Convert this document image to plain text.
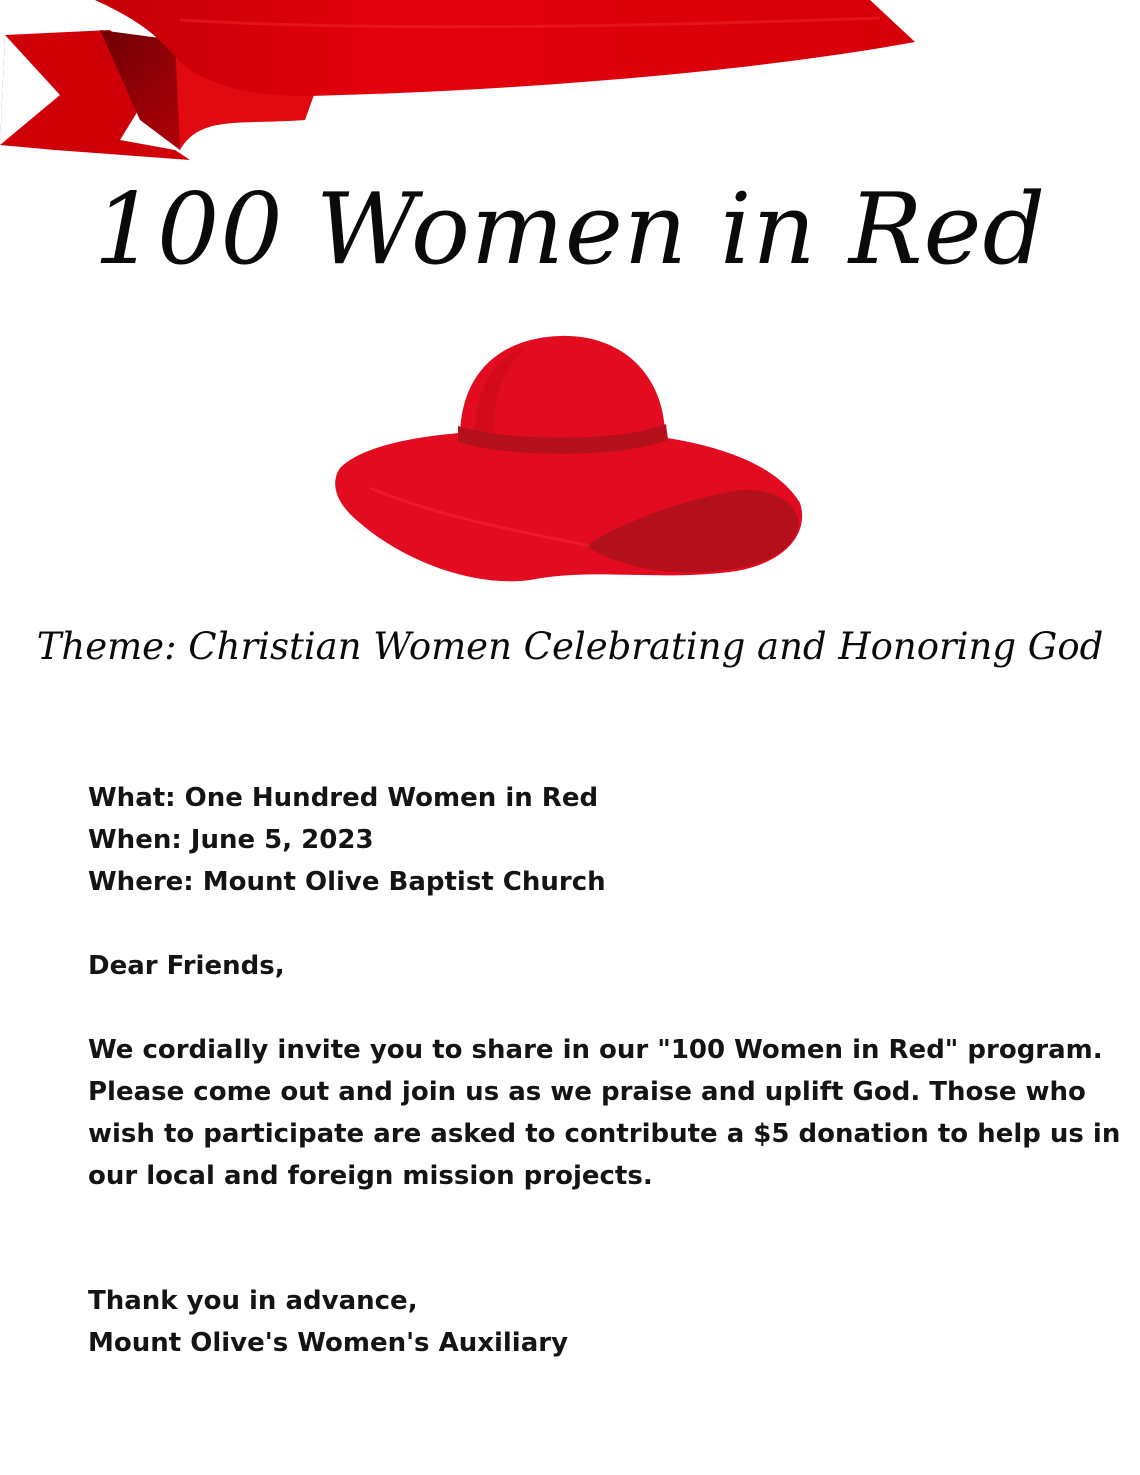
100 Women in Red
Theme: Christian Women Celebrating and Honoring God
What: One Hundred Women in Red
When: June 5, 2023
Where: Mount Olive Baptist Church
Dear Friends,
We cordially invite you to share in our "100 Women in Red" program.
Please come out and join us as we praise and uplift God. Those who
wish to participate are asked to contribute a $5 donation to help us in
our local and foreign mission projects.
Thank you in advance,
Mount Olive's Women's Auxiliary
